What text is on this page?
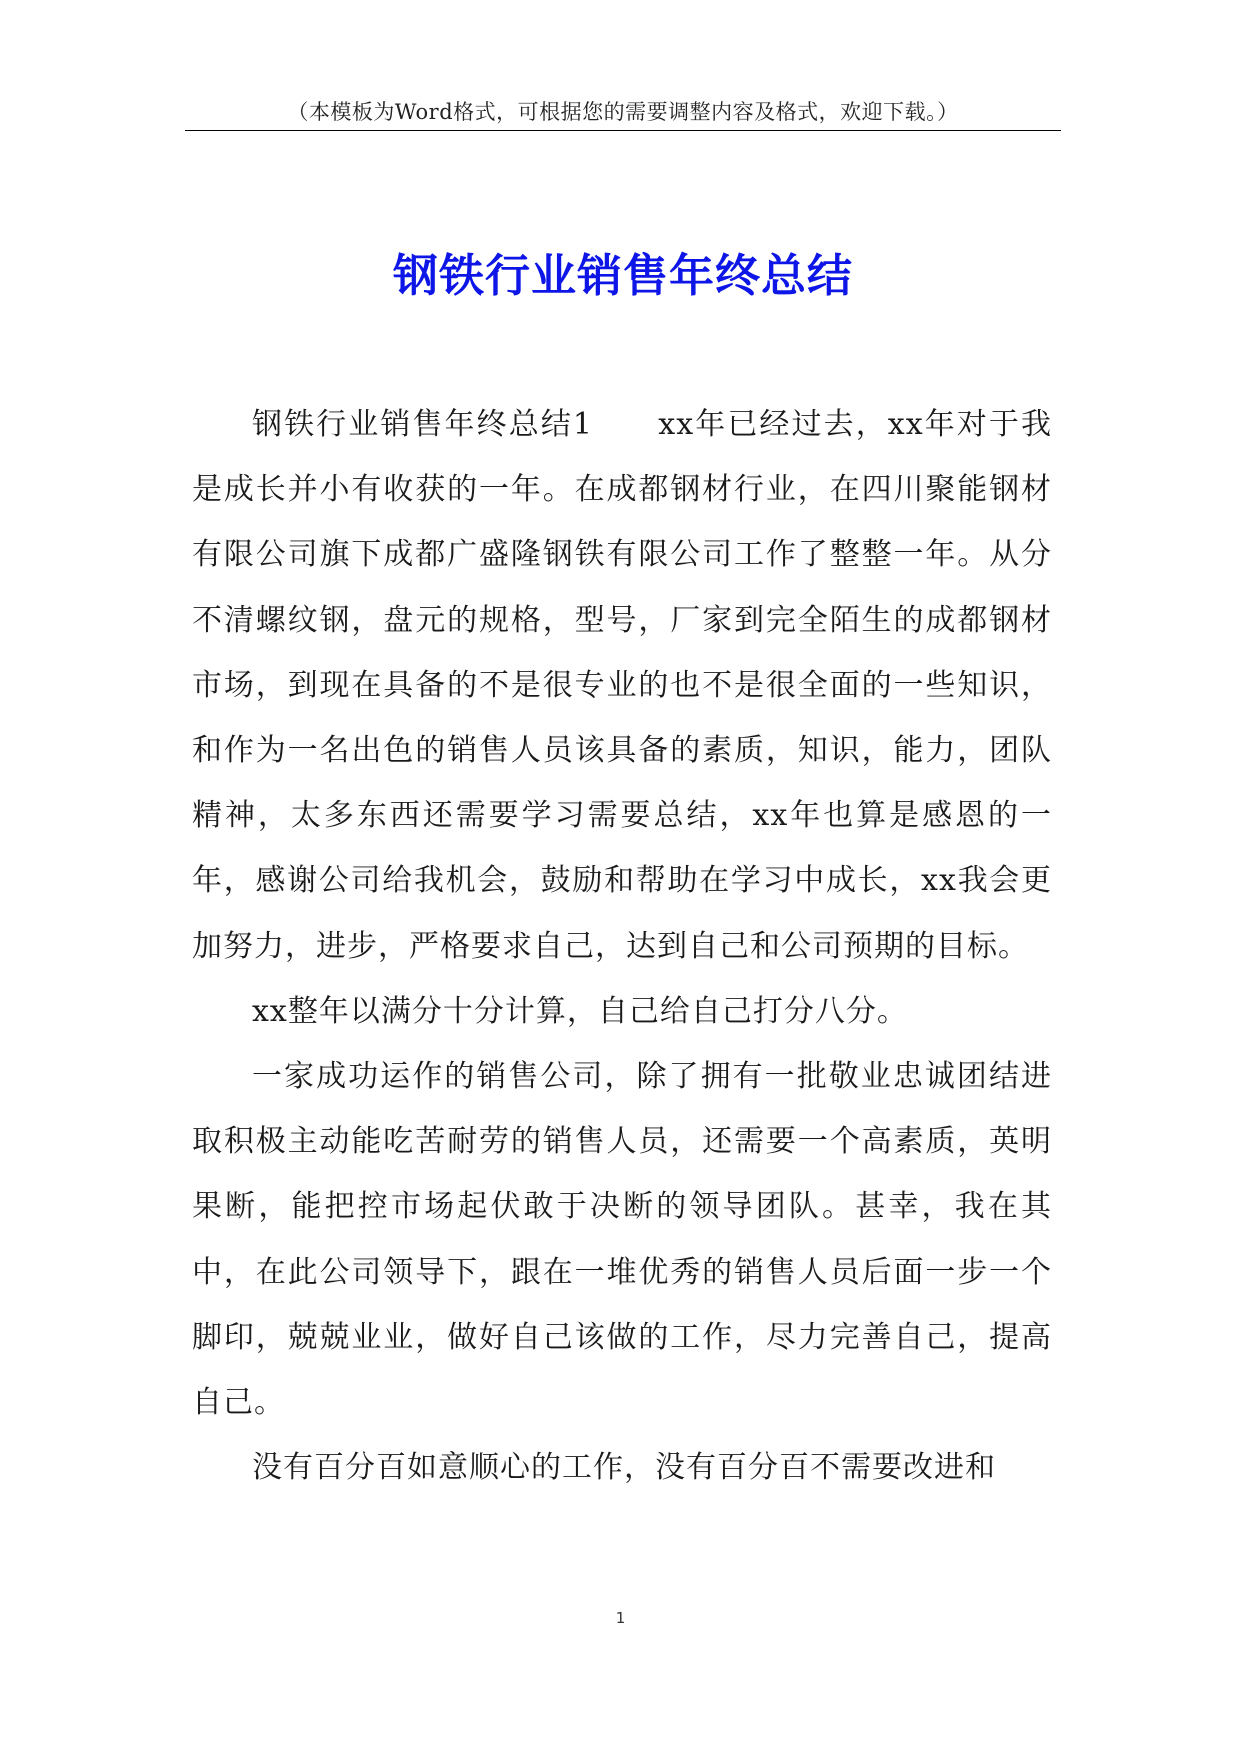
（本模板为Word格式，可根据您的需要调整内容及格式，欢迎下载。）
钢铁行业销售年终总结

钢铁行业销售年终总结1　　xx年已经过去，xx年对于我是成长并小有收获的一年。在成都钢材行业，在四川聚能钢材有限公司旗下成都广盛隆钢铁有限公司工作了整整一年。从分不清螺纹钢，盘元的规格，型号，厂家到完全陌生的成都钢材市场，到现在具备的不是很专业的也不是很全面的一些知识，和作为一名出色的销售人员该具备的素质，知识，能力，团队精神，太多东西还需要学习需要总结，xx年也算是感恩的一年，感谢公司给我机会，鼓励和帮助在学习中成长，xx我会更加努力，进步，严格要求自己，达到自己和公司预期的目标。

xx整年以满分十分计算，自己给自己打分八分。

一家成功运作的销售公司，除了拥有一批敬业忠诚团结进取积极主动能吃苦耐劳的销售人员，还需要一个高素质，英明果断，能把控市场起伏敢于决断的领导团队。甚幸，我在其中，在此公司领导下，跟在一堆优秀的销售人员后面一步一个脚印，兢兢业业，做好自己该做的工作，尽力完善自己，提高自己。

没有百分百如意顺心的工作，没有百分百不需要改进和

1
